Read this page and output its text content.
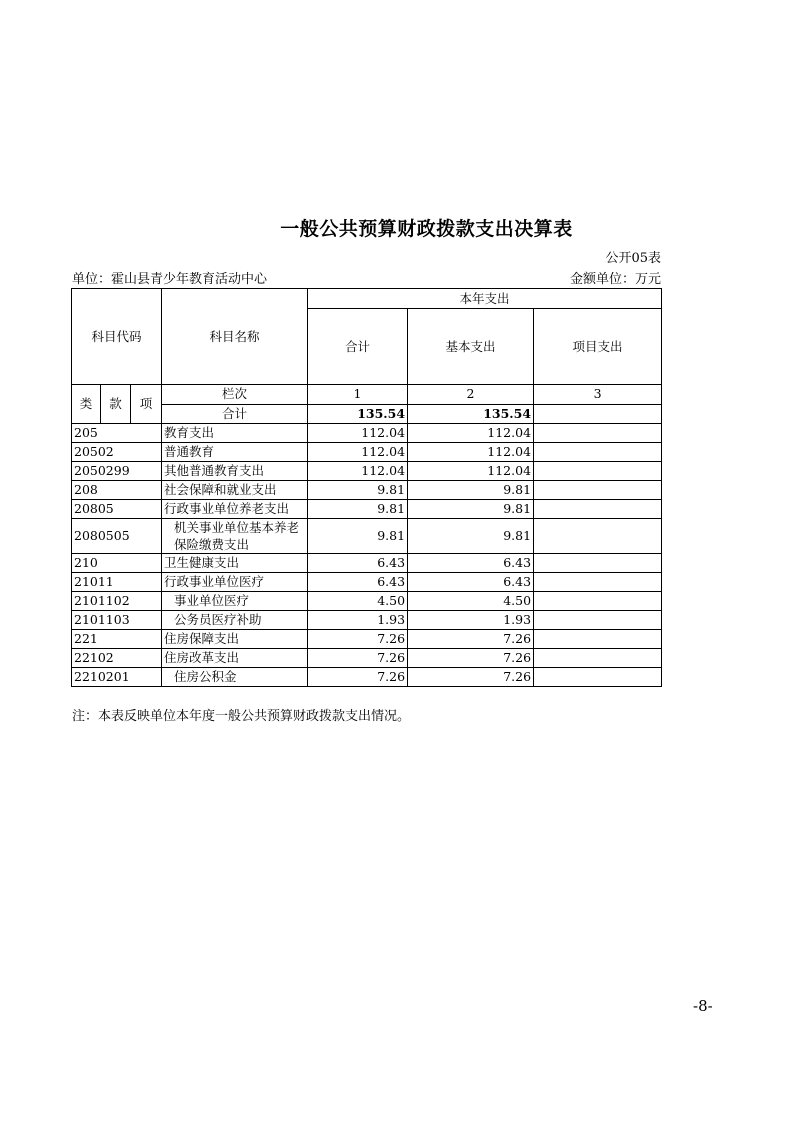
一般公共预算财政拨款支出决算表
公开05表
单位：霍山县青少年教育活动中心	金额单位：万元
科目代码			科目名称	本年支出		
				合计	基本支出	项目支出

类	款	项	栏次	1	2	3
			合计	135.54	135.54	
205			教育支出	112.04	112.04	
20502			普通教育	112.04	112.04	
2050299			其他普通教育支出	112.04	112.04	
208			社会保障和就业支出	9.81	9.81	
20805			行政事业单位养老支出	9.81	9.81	
2080505			机关事业单位基本养老保险缴费支出	9.81	9.81	
210			卫生健康支出	6.43	6.43	
21011			行政事业单位医疗	6.43	6.43	
2101102			事业单位医疗	4.50	4.50	
2101103			公务员医疗补助	1.93	1.93	
221			住房保障支出	7.26	7.26	
22102			住房改革支出	7.26	7.26	
2210201			住房公积金	7.26	7.26	
注：本表反映单位本年度一般公共预算财政拨款支出情况。
-8-
